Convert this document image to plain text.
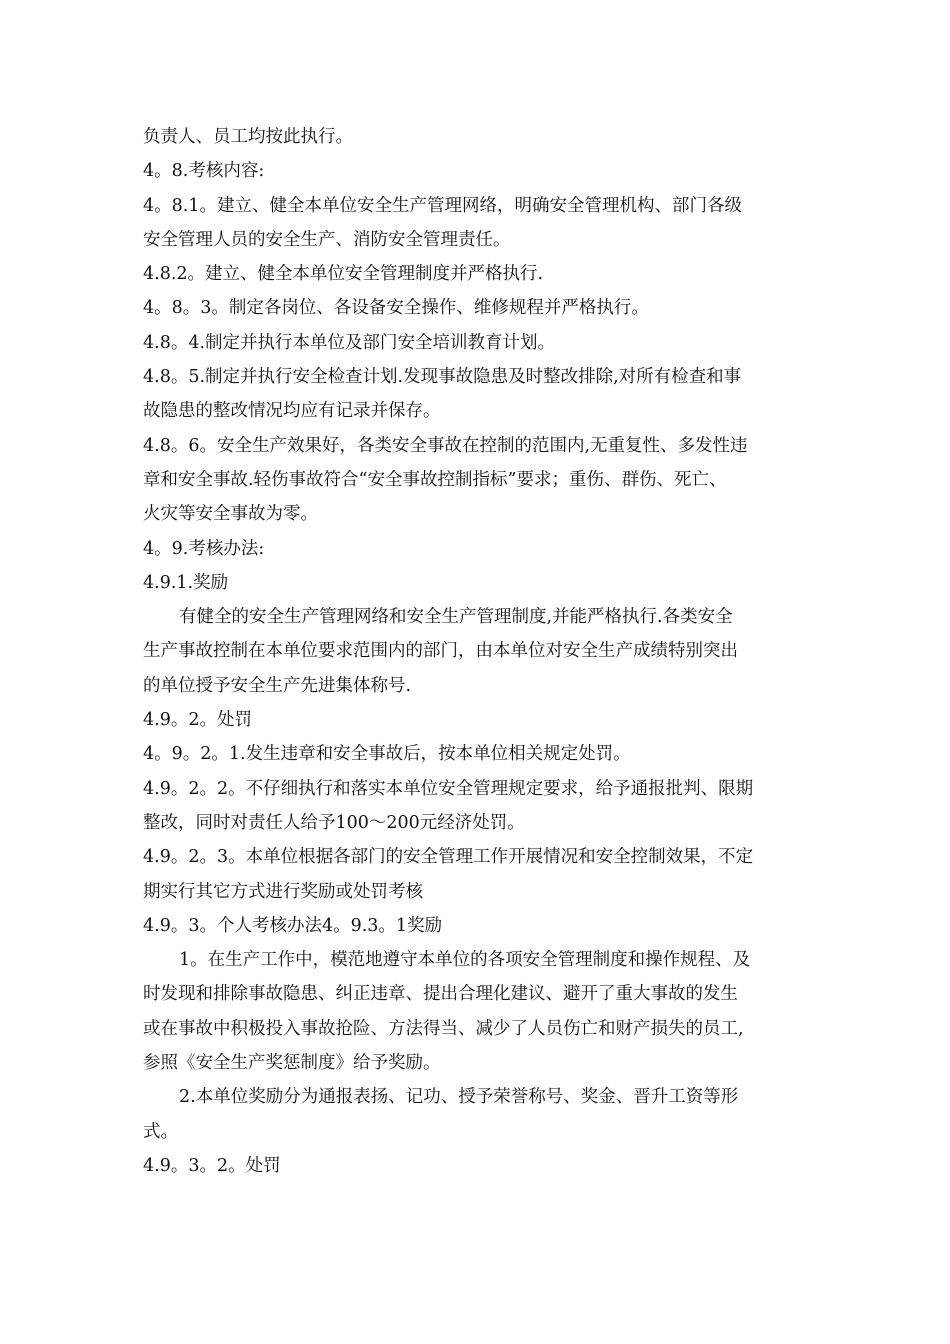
负责人、员工均按此执行。
4。8.考核内容:
4。8.1。建立、健全本单位安全生产管理网络，明确安全管理机构、部门各级
安全管理人员的安全生产、消防安全管理责任。
4.8.2。建立、健全本单位安全管理制度并严格执行.
4。8。3。制定各岗位、各设备安全操作、维修规程并严格执行。
4.8。4.制定并执行本单位及部门安全培训教育计划。
4.8。5.制定并执行安全检查计划.发现事故隐患及时整改排除,对所有检查和事
故隐患的整改情况均应有记录并保存。
4.8。6。安全生产效果好，各类安全事故在控制的范围内,无重复性、多发性违
章和安全事故.轻伤事故符合“安全事故控制指标”要求；重伤、群伤、死亡、
火灾等安全事故为零。
4。9.考核办法:
4.9.1.奖励
有健全的安全生产管理网络和安全生产管理制度,并能严格执行.各类安全
生产事故控制在本单位要求范围内的部门，由本单位对安全生产成绩特别突出
的单位授予安全生产先进集体称号.
4.9。2。处罚
4。9。2。1.发生违章和安全事故后，按本单位相关规定处罚。
4.9。2。2。不仔细执行和落实本单位安全管理规定要求，给予通报批判、限期
整改，同时对责任人给予100～200元经济处罚。
4.9。2。3。本单位根据各部门的安全管理工作开展情况和安全控制效果，不定
期实行其它方式进行奖励或处罚考核
4.9。3。个人考核办法4。9.3。1奖励
1。在生产工作中，模范地遵守本单位的各项安全管理制度和操作规程、及
时发现和排除事故隐患、纠正违章、提出合理化建议、避开了重大事故的发生
或在事故中积极投入事故抢险、方法得当、减少了人员伤亡和财产损失的员工,
参照《安全生产奖惩制度》给予奖励。
2.本单位奖励分为通报表扬、记功、授予荣誉称号、奖金、晋升工资等形
式。
4.9。3。2。处罚
